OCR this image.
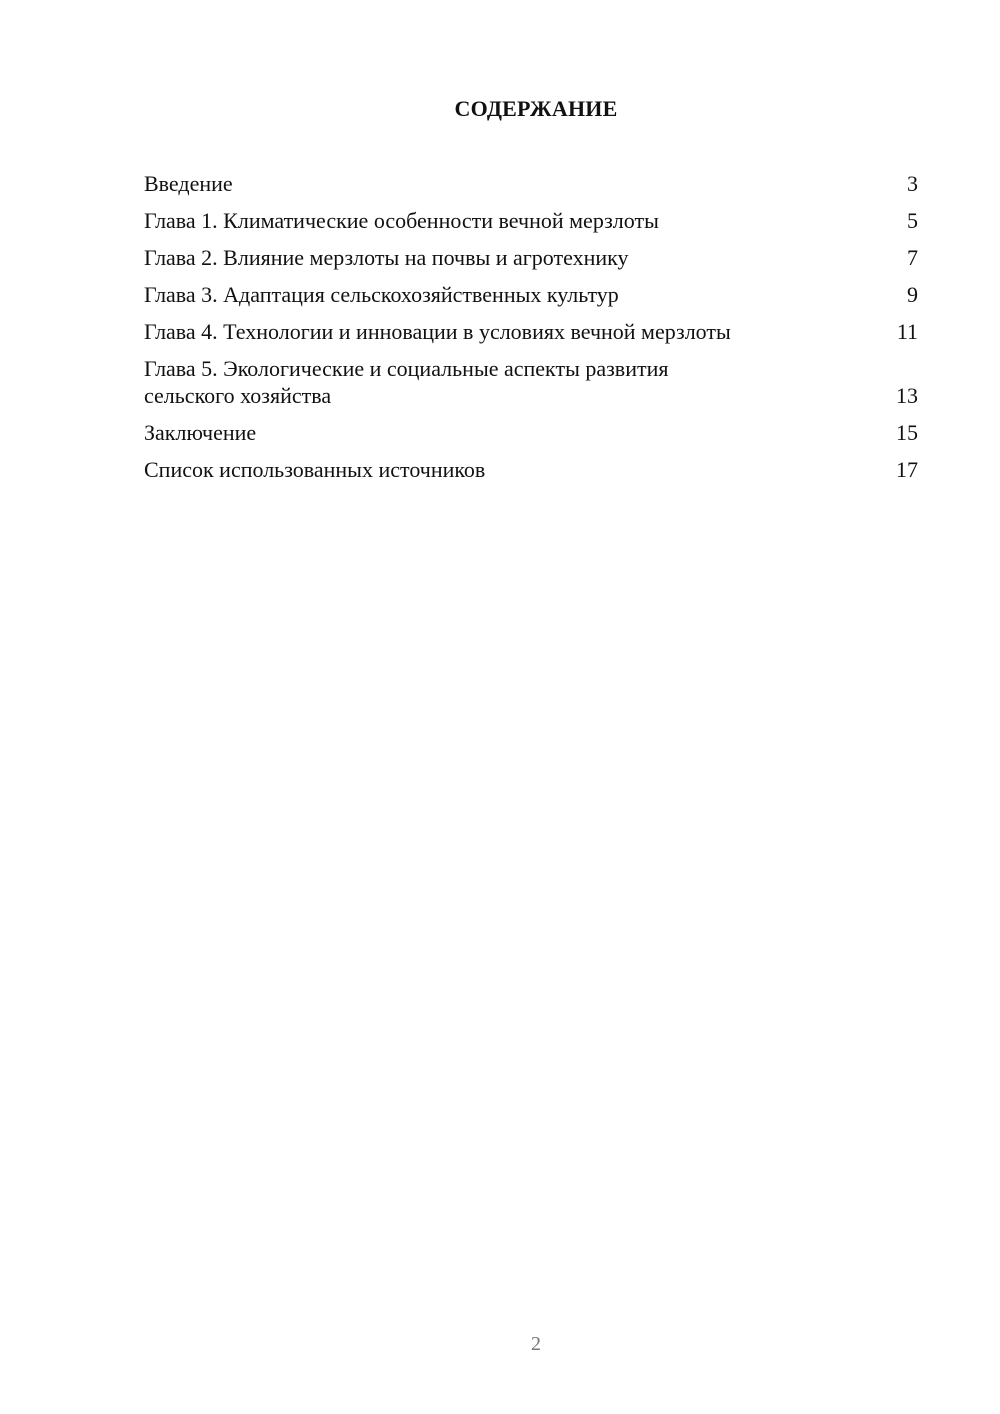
СОДЕРЖАНИЕ
Введение	3
Глава 1. Климатические особенности вечной мерзлоты	5
Глава 2. Влияние мерзлоты на почвы и агротехнику	7
Глава 3. Адаптация сельскохозяйственных культур	9
Глава 4. Технологии и инновации в условиях вечной мерзлоты	11
Глава 5. Экологические и социальные аспекты развития сельского хозяйства	13
Заключение	15
Список использованных источников	17
2
